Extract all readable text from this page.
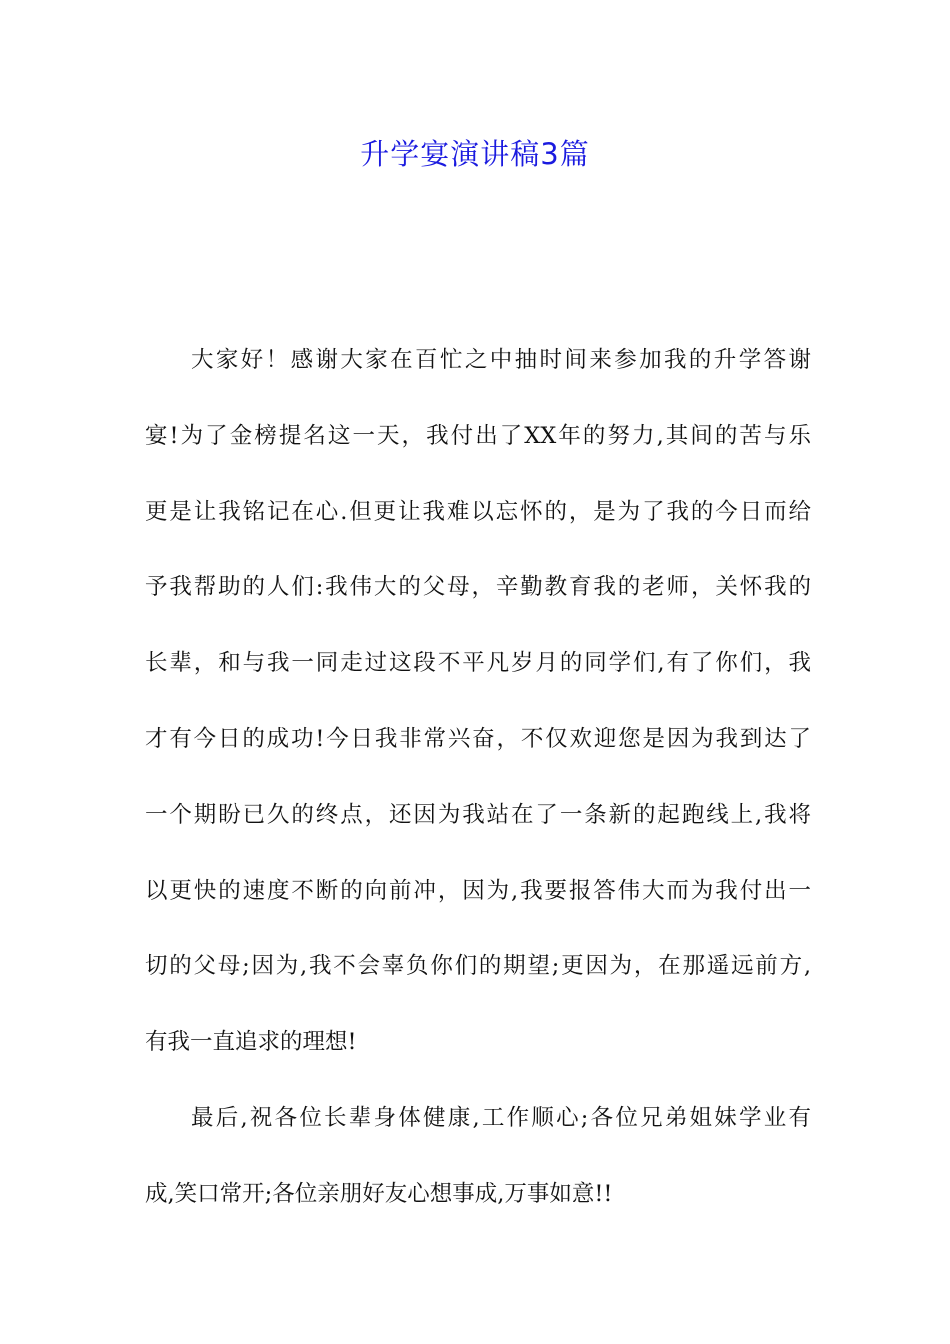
升学宴演讲稿3篇
大家好！感谢大家在百忙之中抽时间来参加我的升学答谢
宴!为了金榜提名这一天，我付出了XX年的努力,其间的苦与乐
更是让我铭记在心.但更让我难以忘怀的，是为了我的今日而给
予我帮助的人们:我伟大的父母，辛勤教育我的老师，关怀我的
长辈，和与我一同走过这段不平凡岁月的同学们,有了你们，我
才有今日的成功!今日我非常兴奋，不仅欢迎您是因为我到达了
一个期盼已久的终点，还因为我站在了一条新的起跑线上,我将
以更快的速度不断的向前冲，因为,我要报答伟大而为我付出一
切的父母;因为,我不会辜负你们的期望;更因为，在那遥远前方,
有我一直追求的理想!
最后,祝各位长辈身体健康,工作顺心;各位兄弟姐妹学业有
成,笑口常开;各位亲朋好友心想事成,万事如意!!
